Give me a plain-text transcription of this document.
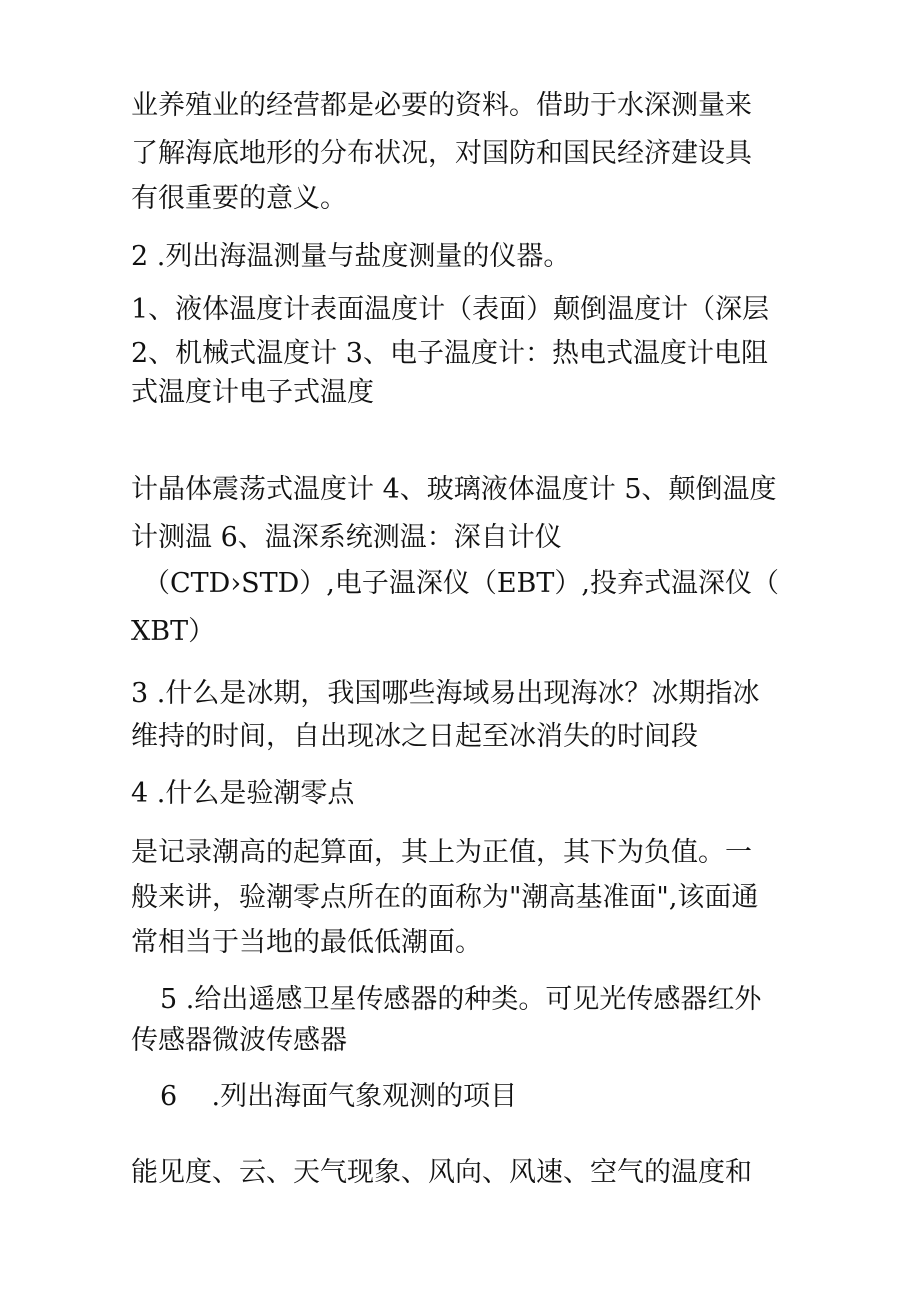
业养殖业的经营都是必要的资料。借助于水深测量来
了解海底地形的分布状况，对国防和国民经济建设具
有很重要的意义。
2 .列出海温测量与盐度测量的仪器。
1、液体温度计表面温度计（表面）颠倒温度计（深层
2、机械式温度计 3、电子温度计：热电式温度计电阻
式温度计电子式温度
计晶体震荡式温度计 4、玻璃液体温度计 5、颠倒温度
计测温 6、温深系统测温：深自计仪
（CTD›STD）,电子温深仪（EBT）,投弃式温深仪（
XBT）
3 .什么是冰期，我国哪些海域易出现海冰？冰期指冰
维持的时间，自出现冰之日起至冰消失的时间段
4 .什么是验潮零点
是记录潮高的起算面，其上为正值，其下为负值。一
般来讲，验潮零点所在的面称为"潮高基准面",该面通
常相当于当地的最低低潮面。
5 .给出遥感卫星传感器的种类。可见光传感器红外
传感器微波传感器
6    .列出海面气象观测的项目
能见度、云、天气现象、风向、风速、空气的温度和
